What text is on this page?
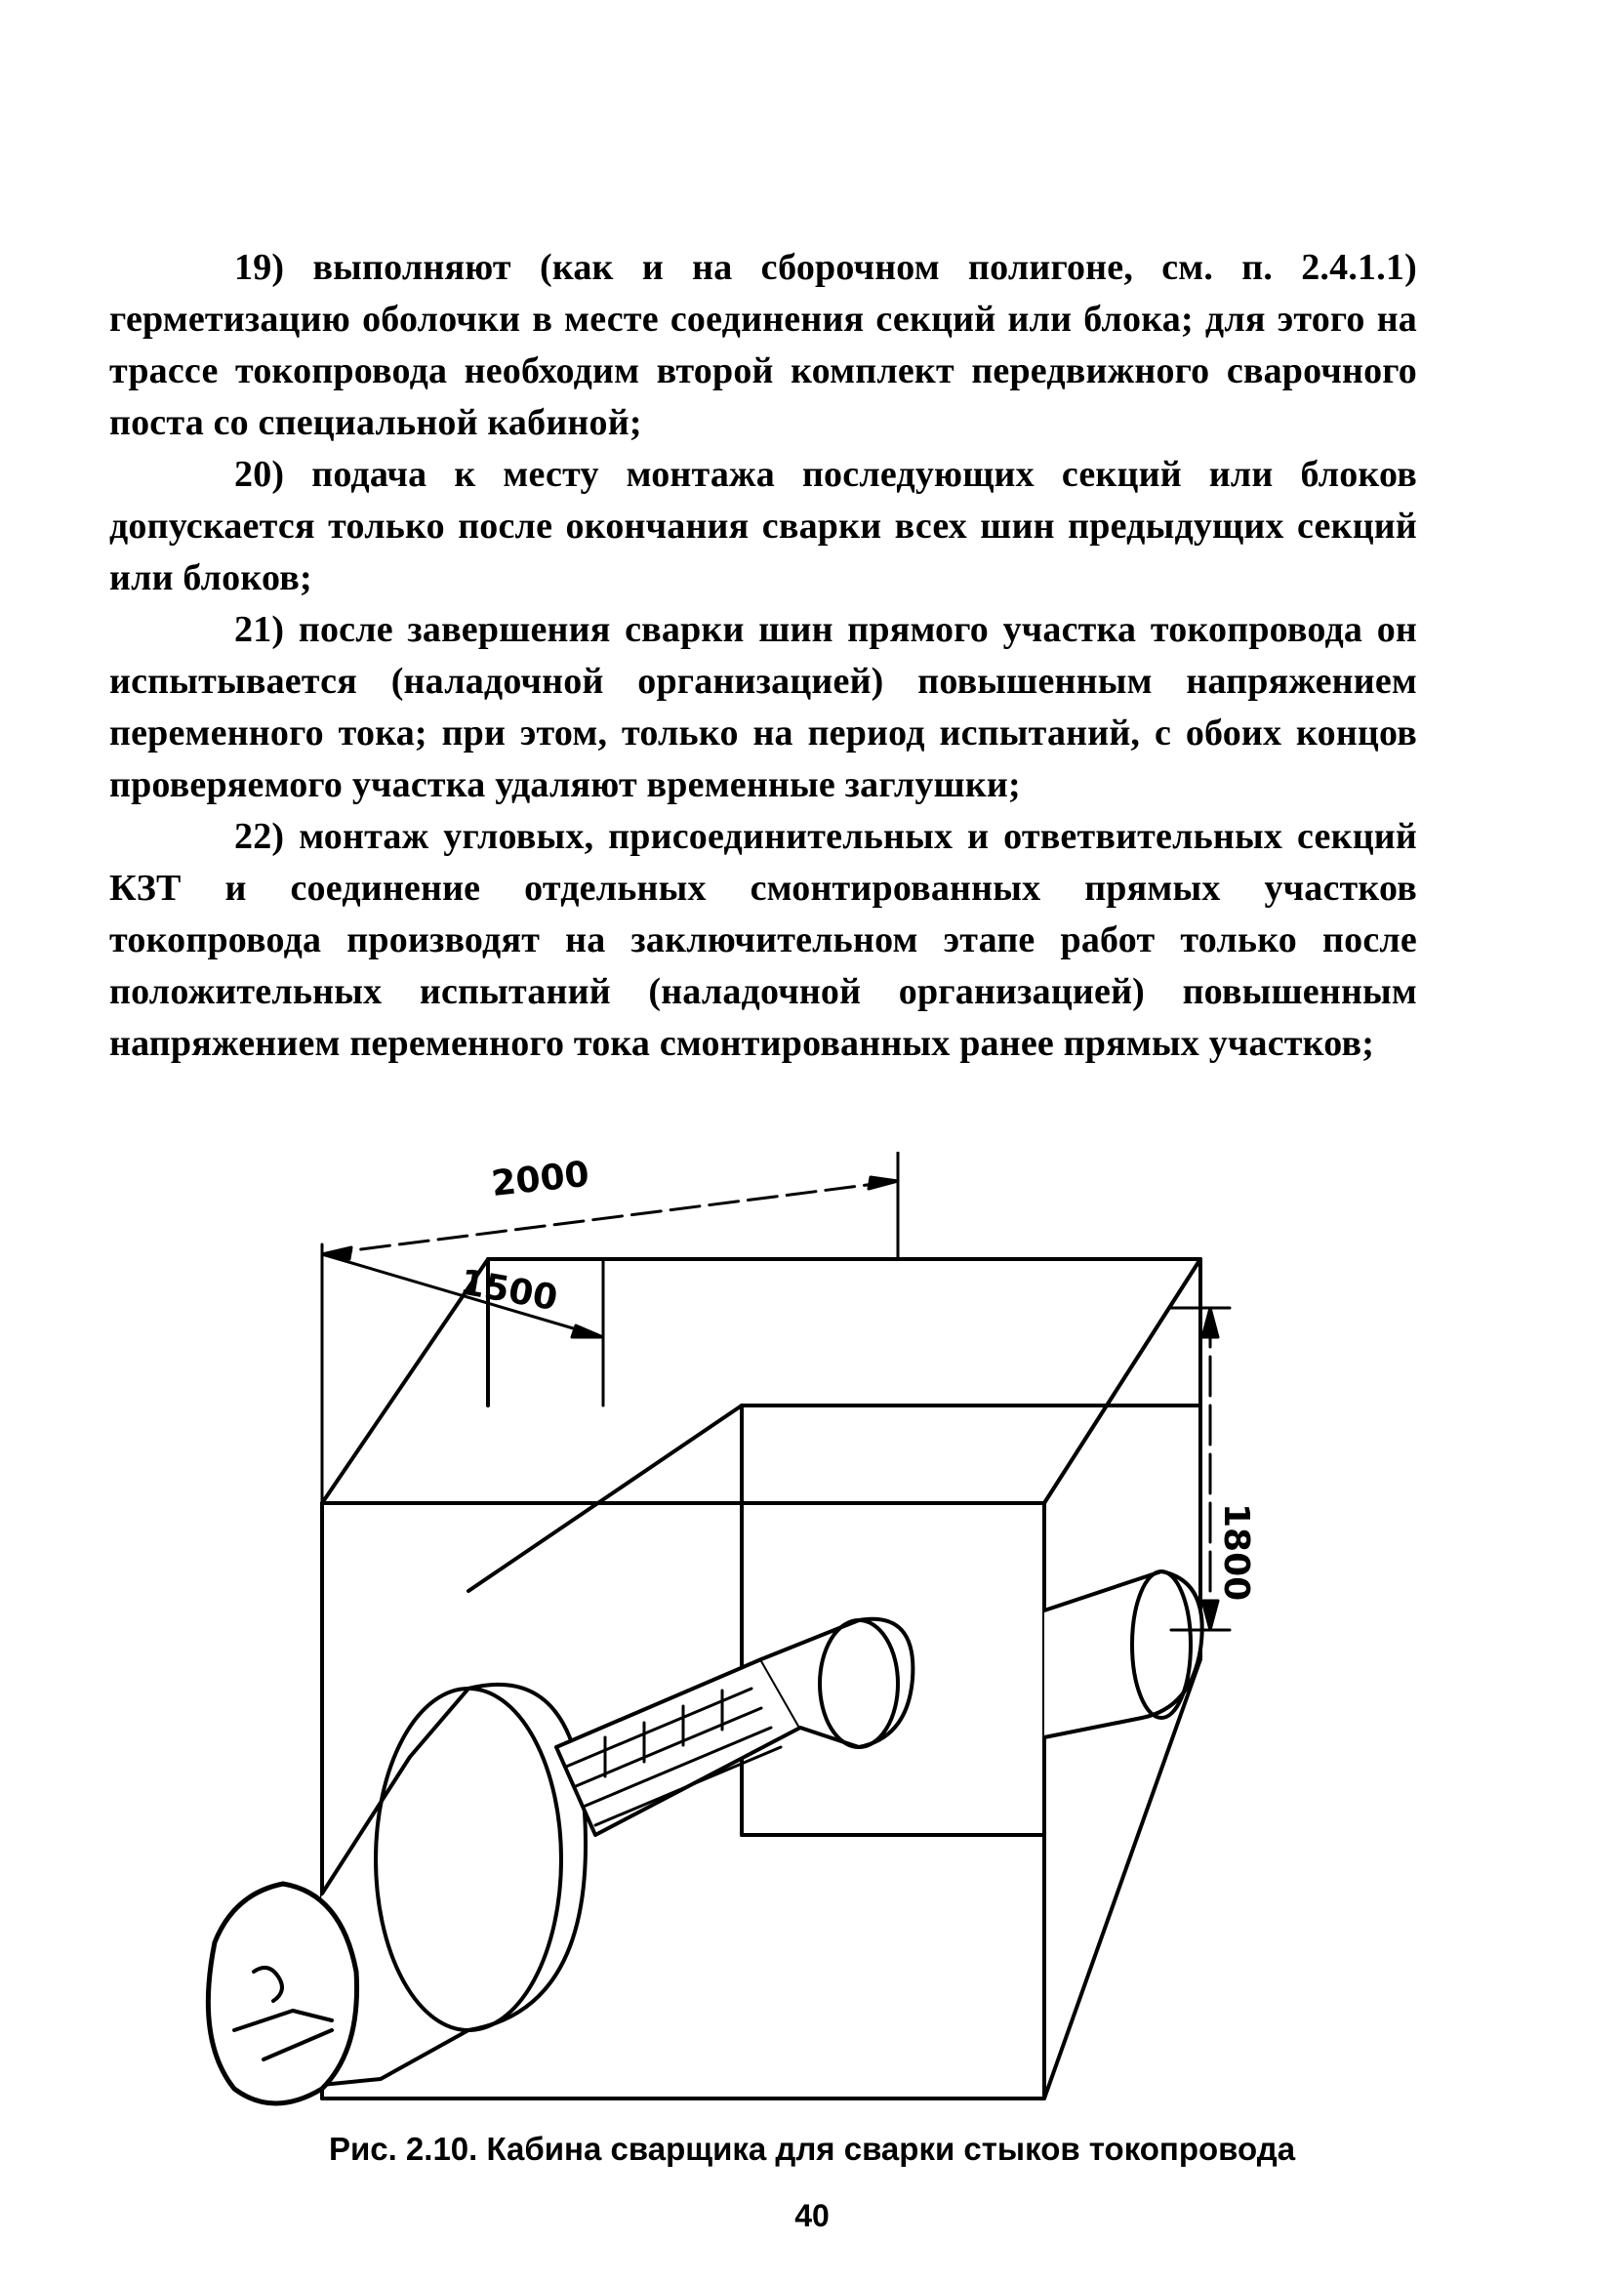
19) выполняют (как и на сборочном полигоне, см. п. 2.4.1.1) герметизацию оболочки в месте соединения секций или блока; для этого на трассе токопровода необходим второй комплект передвижного сварочного поста со специальной кабиной;

20) подача к месту монтажа последующих секций или блоков допускается только после окончания сварки всех шин предыдущих секций или блоков;

21) после завершения сварки шин прямого участка токопровода он испытывается (наладочной организацией) повышенным напряжением переменного тока; при этом, только на период испытаний, с обоих концов проверяемого участка удаляют временные заглушки;

22) монтаж угловых, присоединительных и ответвительных секций КЗТ и соединение отдельных смонтированных прямых участков токопровода производят на заключительном этапе работ только после положительных испытаний (наладочной организацией) повышенным напряжением переменного тока смонтированных ранее прямых участков;

2000
1500
1800
Рис. 2.10. Кабина сварщика для сварки стыков токопровода
40
